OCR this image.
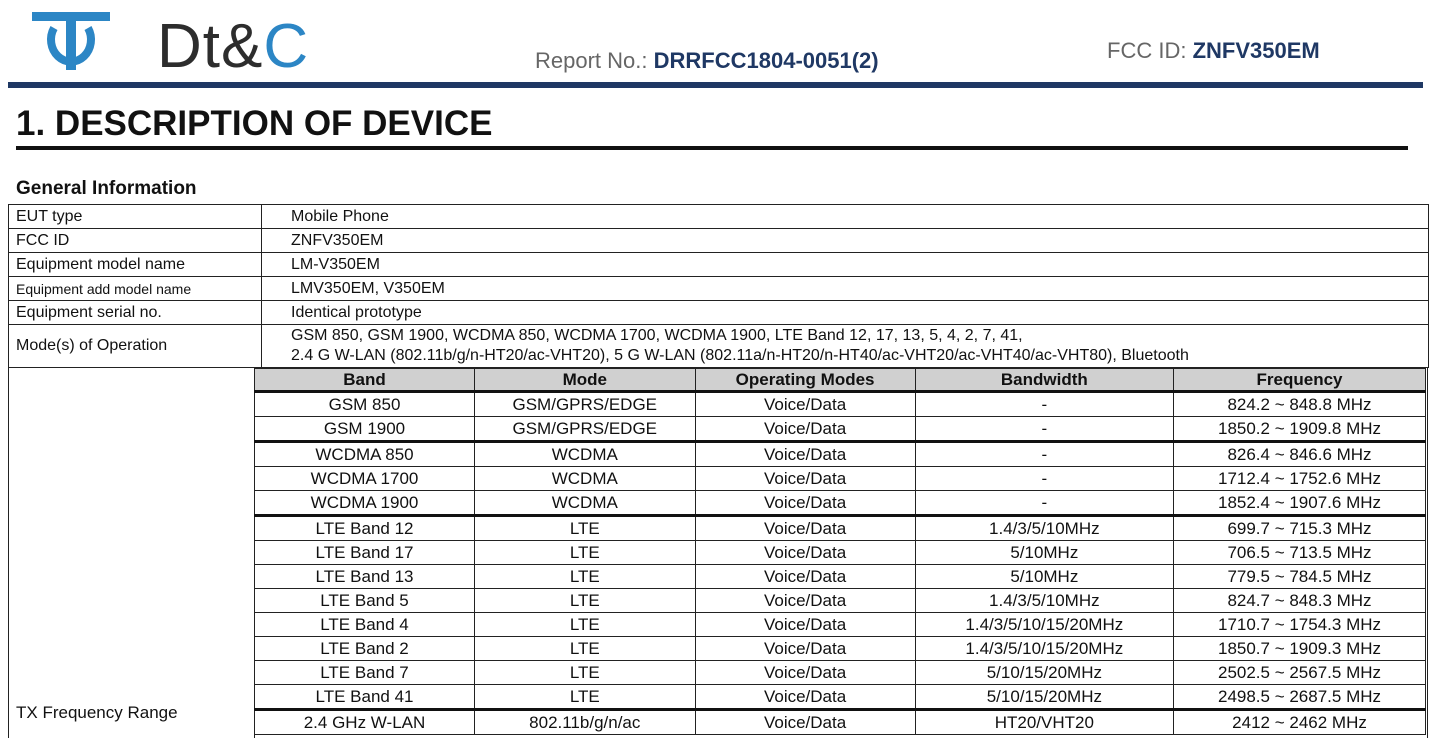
Dt&C	Report No.: DRRFCC1804-0051(2)	FCC ID: ZNFV350EM
1. DESCRIPTION OF DEVICE
General Information
EUT type	Mobile Phone
FCC ID	ZNFV350EM
Equipment model name	LM-V350EM
Equipment add model name	LMV350EM, V350EM
Equipment serial no.	Identical prototype
Mode(s) of Operation
GSM 850, GSM 1900, WCDMA 850, WCDMA 1700, WCDMA 1900, LTE Band 12, 17, 13, 5, 4, 2, 7, 41,
2.4 G W-LAN (802.11b/g/n-HT20/ac-VHT20), 5 G W-LAN (802.11a/n-HT20/n-HT40/ac-VHT20/ac-VHT40/ac-VHT80), Bluetooth
TX Frequency Range
Band	Mode	Operating Modes	Bandwidth	Frequency
GSM 850	GSM/GPRS/EDGE	Voice/Data	-	824.2 ~ 848.8 MHz
GSM 1900	GSM/GPRS/EDGE	Voice/Data	-	1850.2 ~ 1909.8 MHz
WCDMA 850	WCDMA	Voice/Data	-	826.4 ~ 846.6 MHz
WCDMA 1700	WCDMA	Voice/Data	-	1712.4 ~ 1752.6 MHz
WCDMA 1900	WCDMA	Voice/Data	-	1852.4 ~ 1907.6 MHz
LTE Band 12	LTE	Voice/Data	1.4/3/5/10MHz	699.7 ~ 715.3 MHz
LTE Band 17	LTE	Voice/Data	5/10MHz	706.5 ~ 713.5 MHz
LTE Band 13	LTE	Voice/Data	5/10MHz	779.5 ~ 784.5 MHz
LTE Band 5	LTE	Voice/Data	1.4/3/5/10MHz	824.7 ~ 848.3 MHz
LTE Band 4	LTE	Voice/Data	1.4/3/5/10/15/20MHz	1710.7 ~ 1754.3 MHz
LTE Band 2	LTE	Voice/Data	1.4/3/5/10/15/20MHz	1850.7 ~ 1909.3 MHz
LTE Band 7	LTE	Voice/Data	5/10/15/20MHz	2502.5 ~ 2567.5 MHz
LTE Band 41	LTE	Voice/Data	5/10/15/20MHz	2498.5 ~ 2687.5 MHz
2.4 GHz W-LAN	802.11b/g/n/ac	Voice/Data	HT20/VHT20	2412 ~ 2462 MHz
